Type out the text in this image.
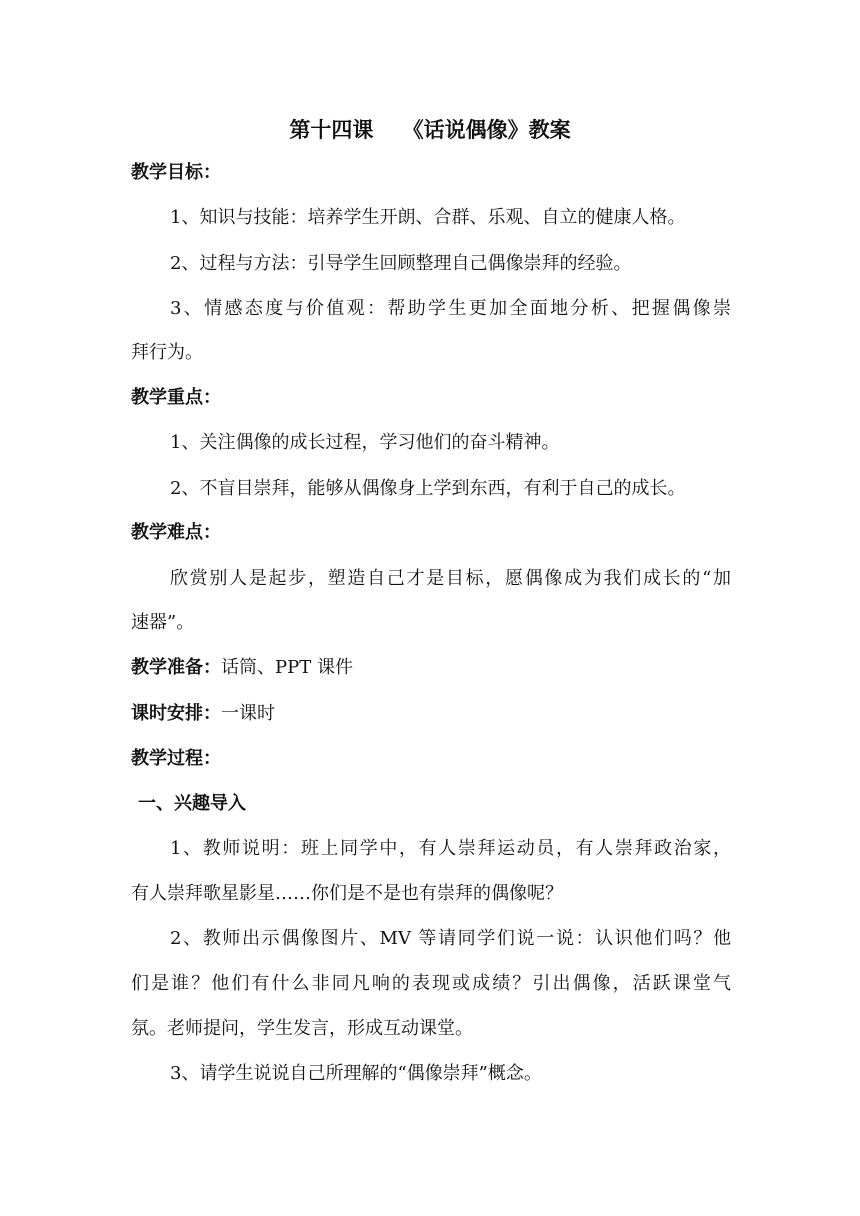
第十四课    《话说偶像》教案
教学目标：
1、知识与技能：培养学生开朗、合群、乐观、自立的健康人格。
2、过程与方法：引导学生回顾整理自己偶像崇拜的经验。
3、情感态度与价值观：帮助学生更加全面地分析、把握偶像崇
拜行为。
教学重点：
1、关注偶像的成长过程，学习他们的奋斗精神。
2、不盲目崇拜，能够从偶像身上学到东西，有利于自己的成长。
教学难点：
欣赏别人是起步，塑造自己才是目标，愿偶像成为我们成长的“加
速器”。
教学准备：话筒、PPT 课件
课时安排：一课时
教学过程：
一、兴趣导入
1、教师说明：班上同学中，有人崇拜运动员，有人崇拜政治家，
有人崇拜歌星影星……你们是不是也有崇拜的偶像呢？
2、教师出示偶像图片、MV 等请同学们说一说：认识他们吗？他
们是谁？他们有什么非同凡响的表现或成绩？引出偶像，活跃课堂气
氛。老师提问，学生发言，形成互动课堂。
3、请学生说说自己所理解的“偶像崇拜”概念。
